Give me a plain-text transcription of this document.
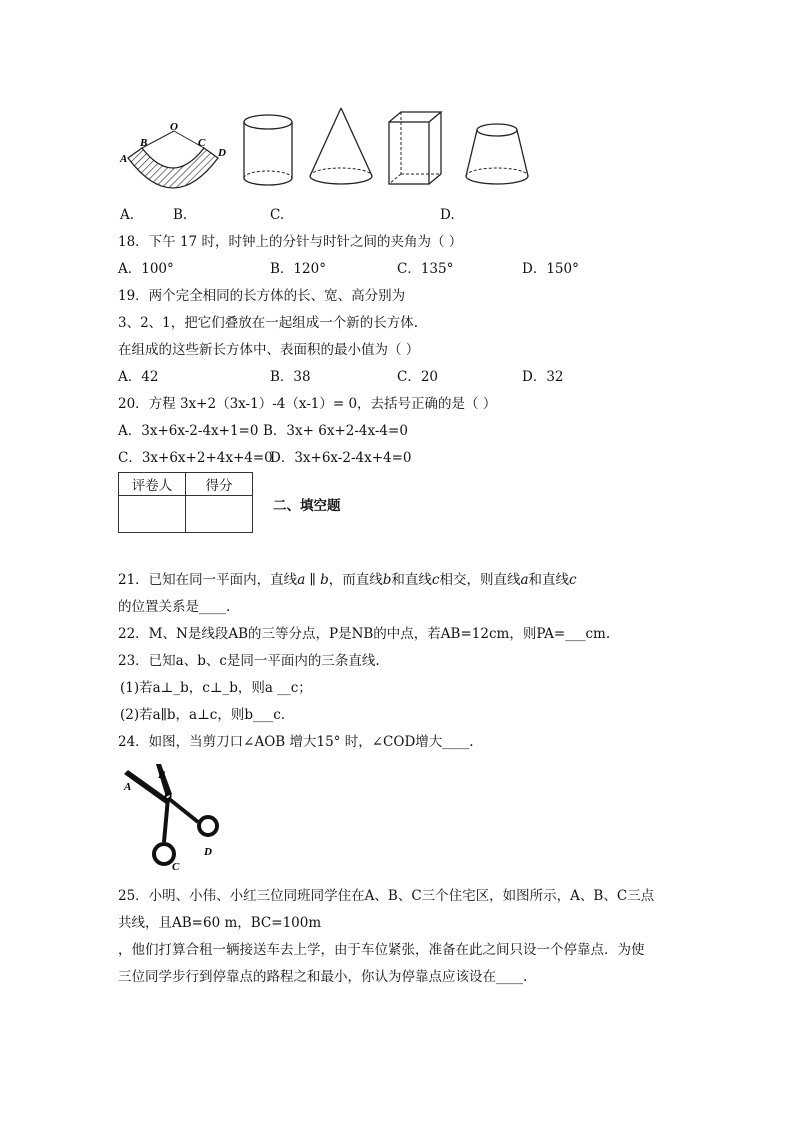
A
B
O
C
D
A.	B.	C.	D.
18．下午 17 时，时钟上的分针与时针之间的夹角为（ ）
A．100°	B．120°	C．135°	D．150°
19．两个完全相同的长方体的长、宽、高分别为
3、2、1，把它们叠放在一起组成一个新的长方体.
在组成的这些新长方体中、表面积的最小值为（ ）
A．42	B．38	C．20	D．32
20．方程 3x+2（3x-1）-4（x-1）= 0，去括号正确的是（ ）
A．3x+6x-2-4x+1=0 B．3x+ 6x+2-4x-4=0
C．3x+6x+2+4x+4=0
D．3x+6x-2-4x+4=0
评卷人	得分

二、填空题
21．已知在同一平面内，直线a ∥ b，而直线b和直线c相交，则直线a和直线c
的位置关系是____.
22．M、N是线段AB的三等分点，P是NB的中点，若AB=12cm，则PA=___cm.
23．已知a、b、c是同一平面内的三条直线.
(1)若a⊥_b，c⊥_b，则a __c；
(2)若a∥b，a⊥c，则b___c.
24．如图，当剪刀口∠AOB 增大15° 时，∠COD增大____.
A
B
O
C
D
25．小明、小伟、小红三位同班同学住在A、B、C三个住宅区，如图所示，A、B、C三点
共线，且AB=60 m，BC=100m
，他们打算合租一辆接送车去上学，由于车位紧张，准备在此之间只设一个停靠点．为使
三位同学步行到停靠点的路程之和最小，你认为停靠点应该设在____.
